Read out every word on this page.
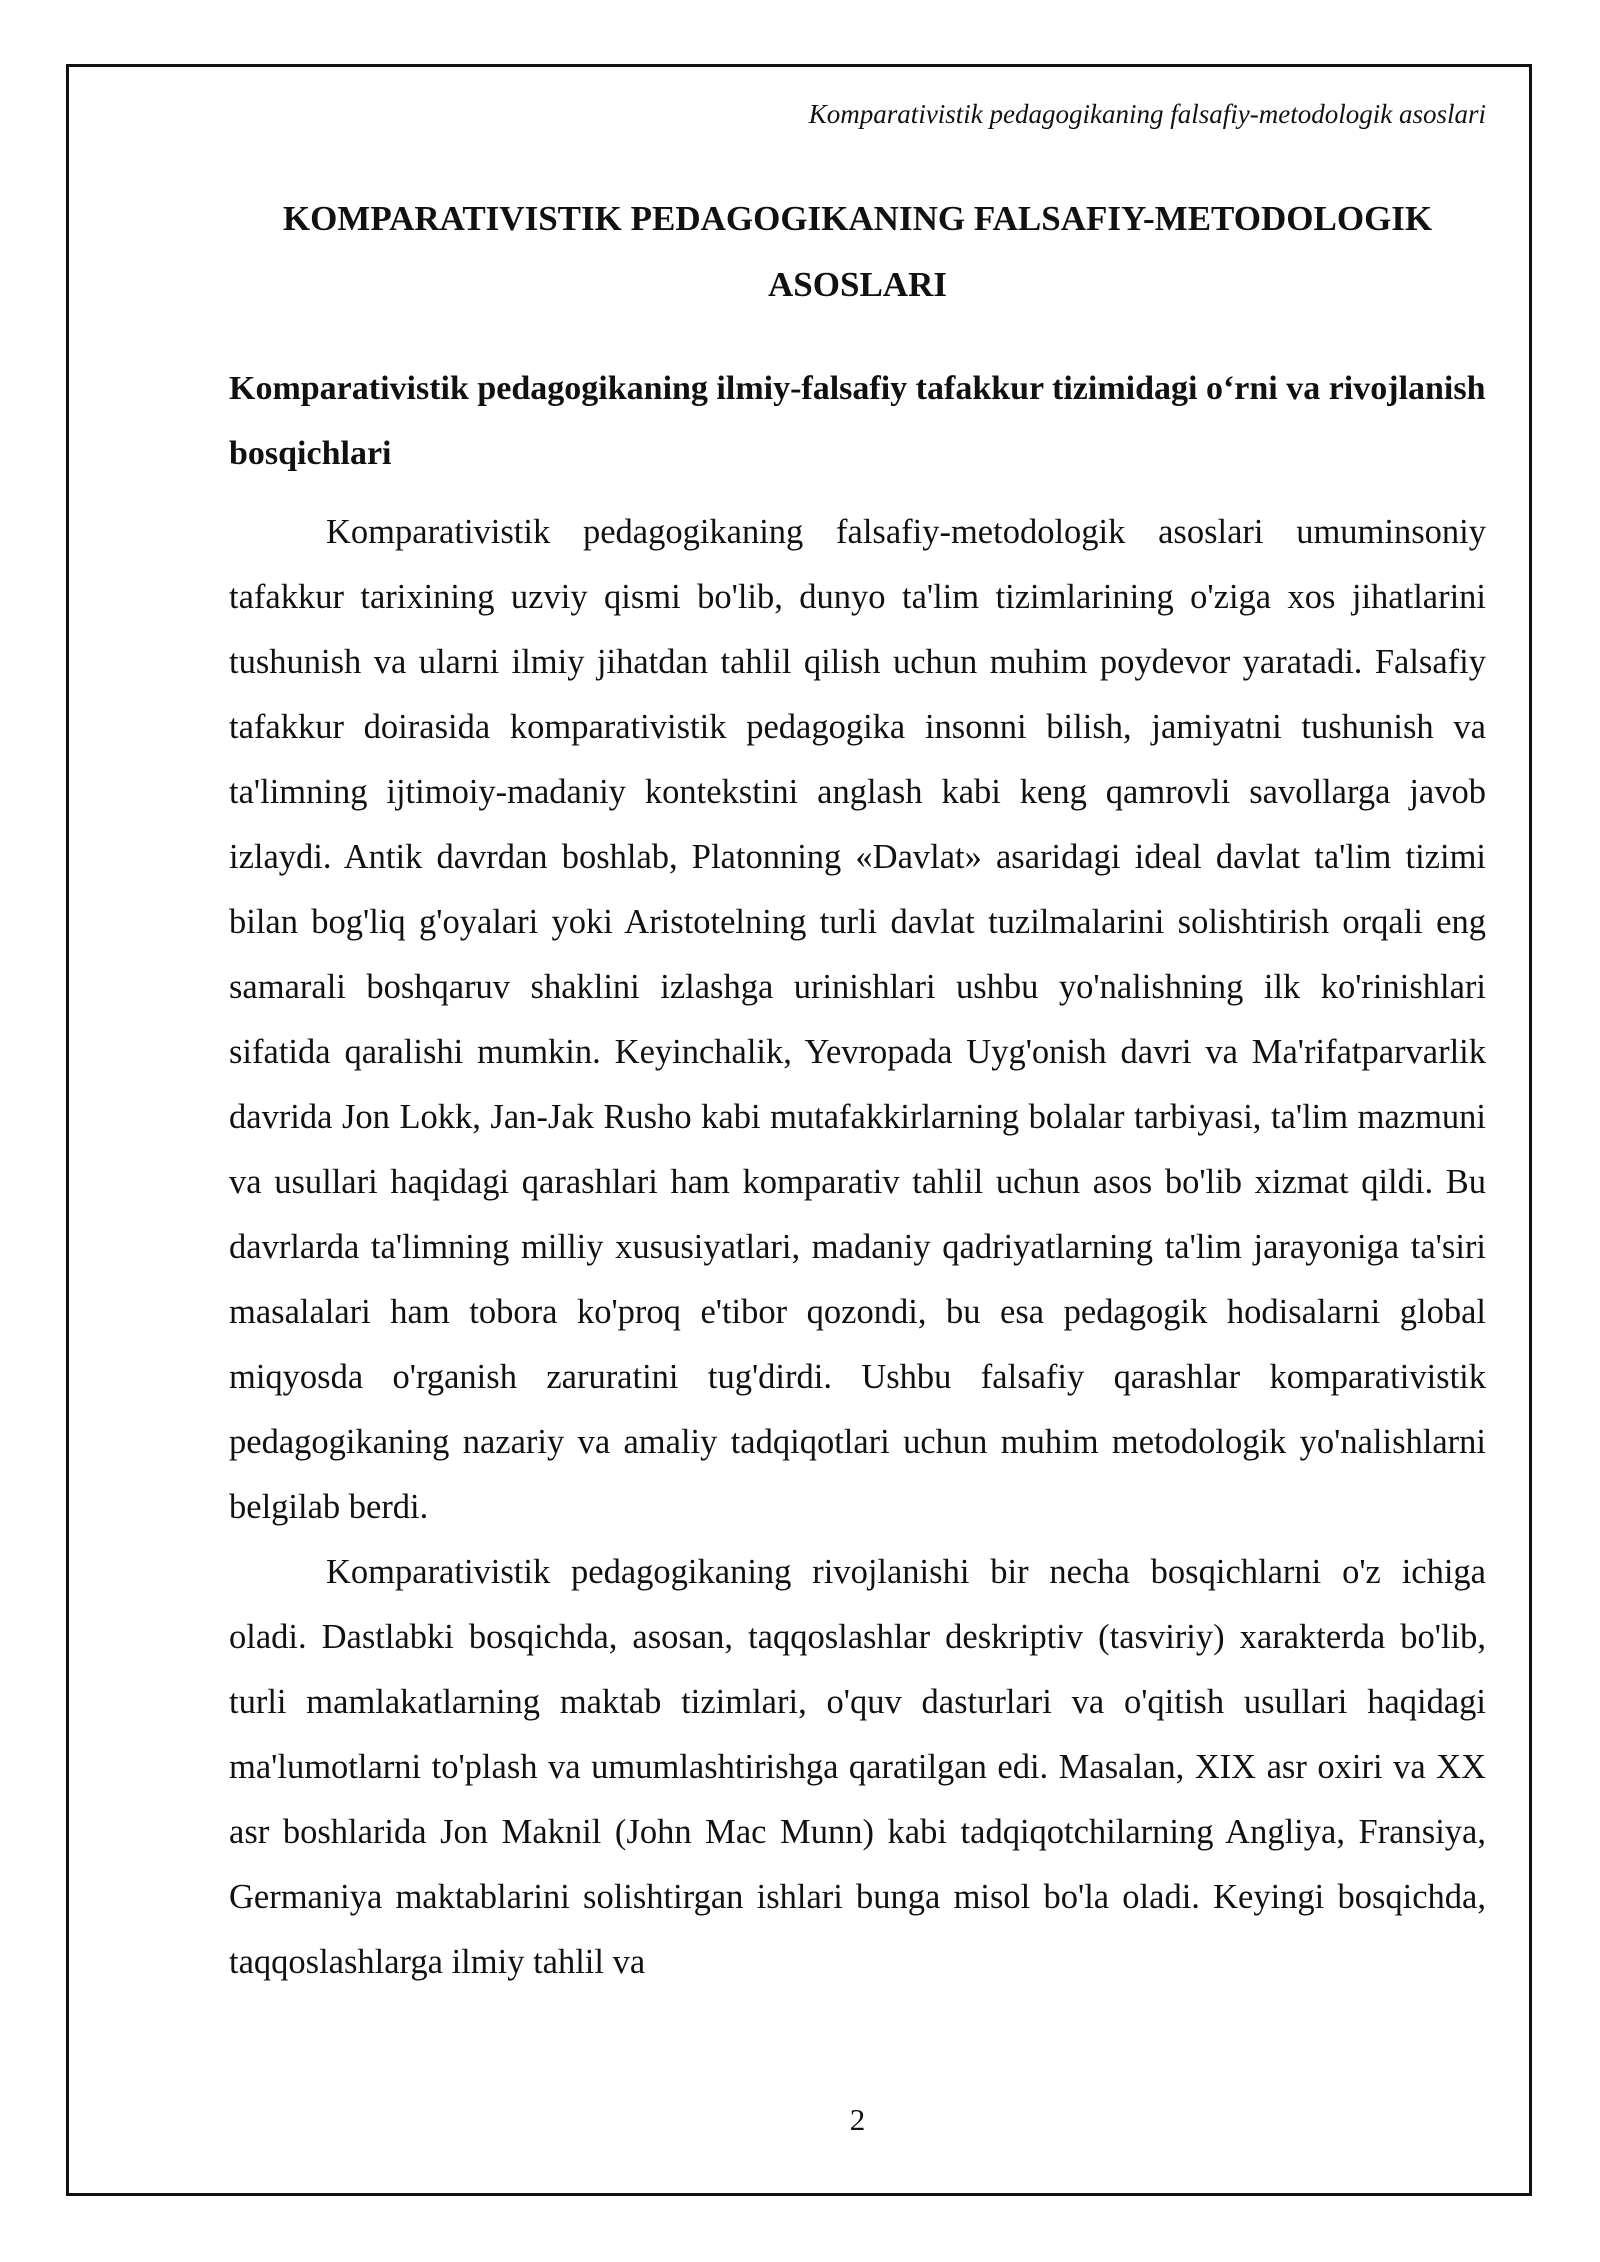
Komparativistik pedagogikaning falsafiy-metodologik asoslari
KOMPARATIVISTIK PEDAGOGIKANING FALSAFIY-METODOLOGIK ASOSLARI
Komparativistik pedagogikaning ilmiy-falsafiy tafakkur tizimidagi o‘rni va rivojlanish bosqichlari

Komparativistik pedagogikaning falsafiy-metodologik asoslari umuminsoniy tafakkur tarixining uzviy qismi bo'lib, dunyo ta'lim tizimlarining o'ziga xos jihatlarini tushunish va ularni ilmiy jihatdan tahlil qilish uchun muhim poydevor yaratadi. Falsafiy tafakkur doirasida komparativistik pedagogika insonni bilish, jamiyatni tushunish va ta'limning ijtimoiy-madaniy kontekstini anglash kabi keng qamrovli savollarga javob izlaydi. Antik davrdan boshlab, Platonning «Davlat» asaridagi ideal davlat ta'lim tizimi bilan bog'liq g'oyalari yoki Aristotelning turli davlat tuzilmalarini solishtirish orqali eng samarali boshqaruv shaklini izlashga urinishlari ushbu yo'nalishning ilk ko'rinishlari sifatida qaralishi mumkin. Keyinchalik, Yevropada Uyg'onish davri va Ma'rifatparvarlik davrida Jon Lokk, Jan-Jak Rusho kabi mutafakkirlarning bolalar tarbiyasi, ta'lim mazmuni va usullari haqidagi qarashlari ham komparativ tahlil uchun asos bo'lib xizmat qildi. Bu davrlarda ta'limning milliy xususiyatlari, madaniy qadriyatlarning ta'lim jarayoniga ta'siri masalalari ham tobora ko'proq e'tibor qozondi, bu esa pedagogik hodisalarni global miqyosda o'rganish zaruratini tug'dirdi. Ushbu falsafiy qarashlar komparativistik pedagogikaning nazariy va amaliy tadqiqotlari uchun muhim metodologik yo'nalishlarni belgilab berdi.

Komparativistik pedagogikaning rivojlanishi bir necha bosqichlarni o'z ichiga oladi. Dastlabki bosqichda, asosan, taqqoslashlar deskriptiv (tasviriy) xarakterda bo'lib, turli mamlakatlarning maktab tizimlari, o'quv dasturlari va o'qitish usullari haqidagi ma'lumotlarni to'plash va umumlashtirishga qaratilgan edi. Masalan, XIX asr oxiri va XX asr boshlarida Jon Maknil (John Mac Munn) kabi tadqiqotchilarning Angliya, Fransiya, Germaniya maktablarini solishtirgan ishlari bunga misol bo'la oladi. Keyingi bosqichda, taqqoslashlarga ilmiy tahlil va

2
